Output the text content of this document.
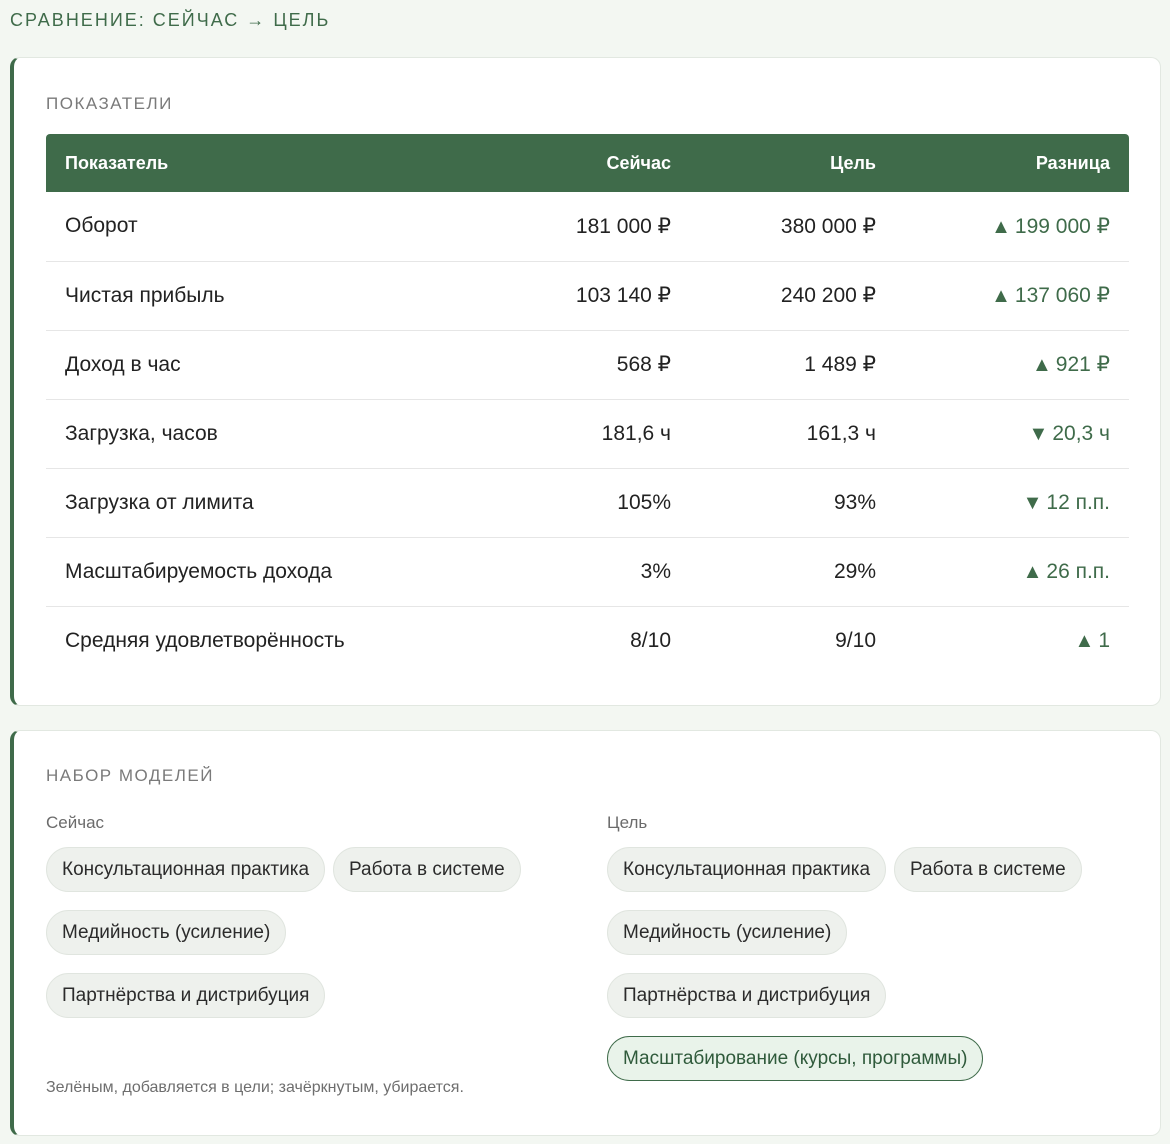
СРАВНЕНИЕ: СЕЙЧАС → ЦЕЛЬ
ПОКАЗАТЕЛИ
Показатель	Сейчас	Цель	Разница
Оборот	181 000 ₽	380 000 ₽	▲ 199 000 ₽
Чистая прибыль	103 140 ₽	240 200 ₽	▲ 137 060 ₽
Доход в час	568 ₽	1 489 ₽	▲ 921 ₽
Загрузка, часов	181,6 ч	161,3 ч	▼ 20,3 ч
Загрузка от лимита	105%	93%	▼ 12 п.п.
Масштабируемость дохода	3%	29%	▲ 26 п.п.
Средняя удовлетворённость	8/10	9/10	▲ 1
НАБОР МОДЕЛЕЙ
Сейчас
Консультационная практика	Работа в системе
Медийность (усиление)
Партнёрства и дистрибуция
Цель
Консультационная практика	Работа в системе
Медийность (усиление)
Партнёрства и дистрибуция
Масштабирование (курсы, программы)
Зелёным, добавляется в цели; зачёркнутым, убирается.
